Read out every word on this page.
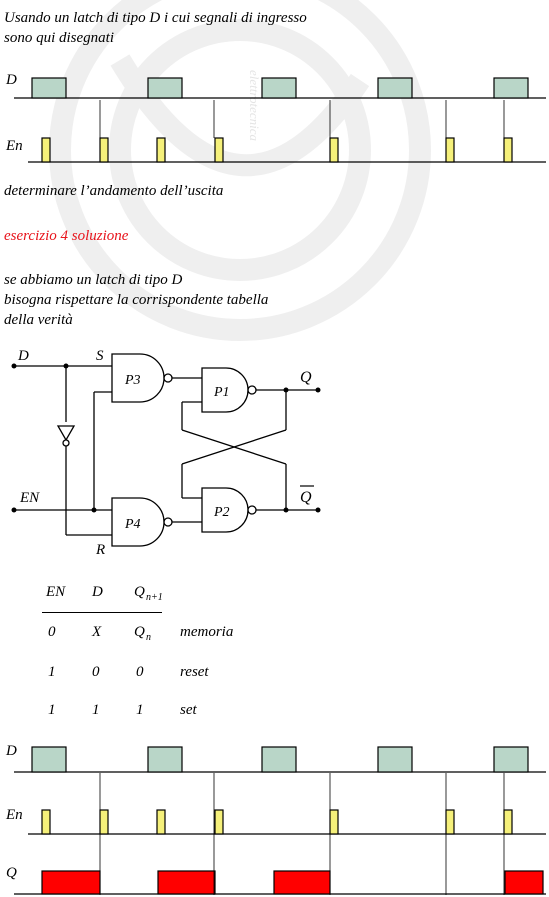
elettrotecnica
Usando un latch di tipo D i cui segnali di ingresso
sono qui disegnati
D
En
determinare l’andamento dell’uscita
esercizio 4 soluzione
se abbiamo un latch di tipo D
bisogna rispettare la corrispondente tabella
della verità
D	S
EN
R
P3
P4
P1
P2
Q
Q
EN D Q n+1
0 X Q n memoria
1 0 0 reset
1 1 1 set
D
En
Q
